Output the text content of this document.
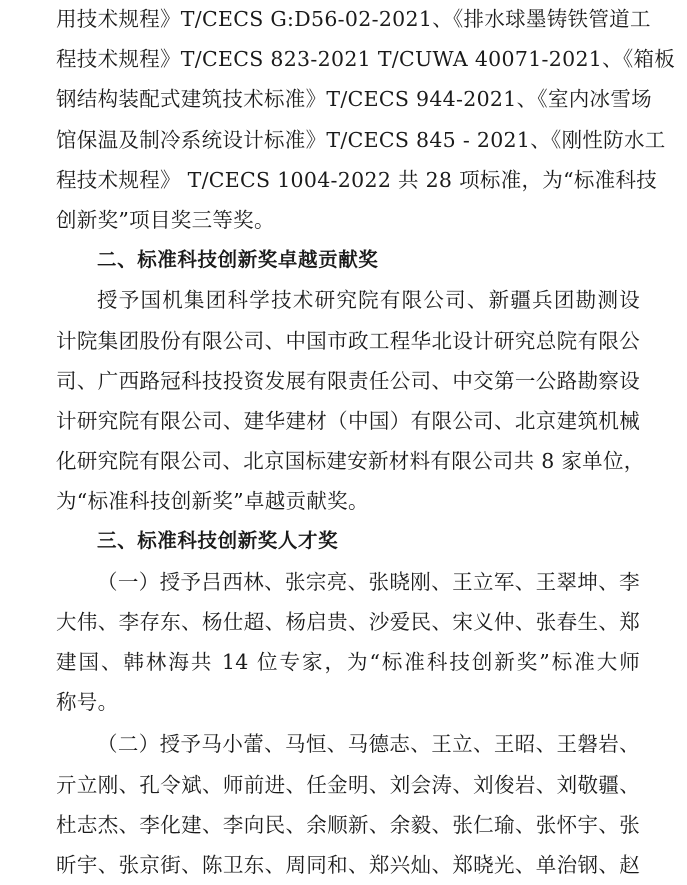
用技术规程》T/CECS G:D56-02-2021、《排水球墨铸铁管道工
程技术规程》T/CECS 823-2021 T/CUWA 40071-2021、《箱板
钢结构装配式建筑技术标准》T/CECS 944-2021、《室内冰雪场
馆保温及制冷系统设计标准》T/CECS 845 - 2021、《刚性防水工
程技术规程》 T/CECS 1004-2022 共 28 项标准，为“标准科技
创新奖”项目奖三等奖。
二、标准科技创新奖卓越贡献奖
授予国机集团科学技术研究院有限公司、新疆兵团勘测设
计院集团股份有限公司、中国市政工程华北设计研究总院有限公
司、广西路冠科技投资发展有限责任公司、中交第一公路勘察设
计研究院有限公司、建华建材（中国）有限公司、北京建筑机械
化研究院有限公司、北京国标建安新材料有限公司共 8 家单位，
为“标准科技创新奖”卓越贡献奖。
三、标准科技创新奖人才奖
（一）授予吕西林、张宗亮、张晓刚、王立军、王翠坤、李
大伟、李存东、杨仕超、杨启贵、沙爱民、宋义仲、张春生、郑
建国、韩林海共 14 位专家，为“标准科技创新奖”标准大师
称号。
（二）授予马小蕾、马恒、马德志、王立、王昭、王磐岩、
亓立刚、孔令斌、师前进、任金明、刘会涛、刘俊岩、刘敬疆、
杜志杰、李化建、李向民、余顺新、余毅、张仁瑜、张怀宇、张
昕宇、张京街、陈卫东、周同和、郑兴灿、郑晓光、单治钢、赵
